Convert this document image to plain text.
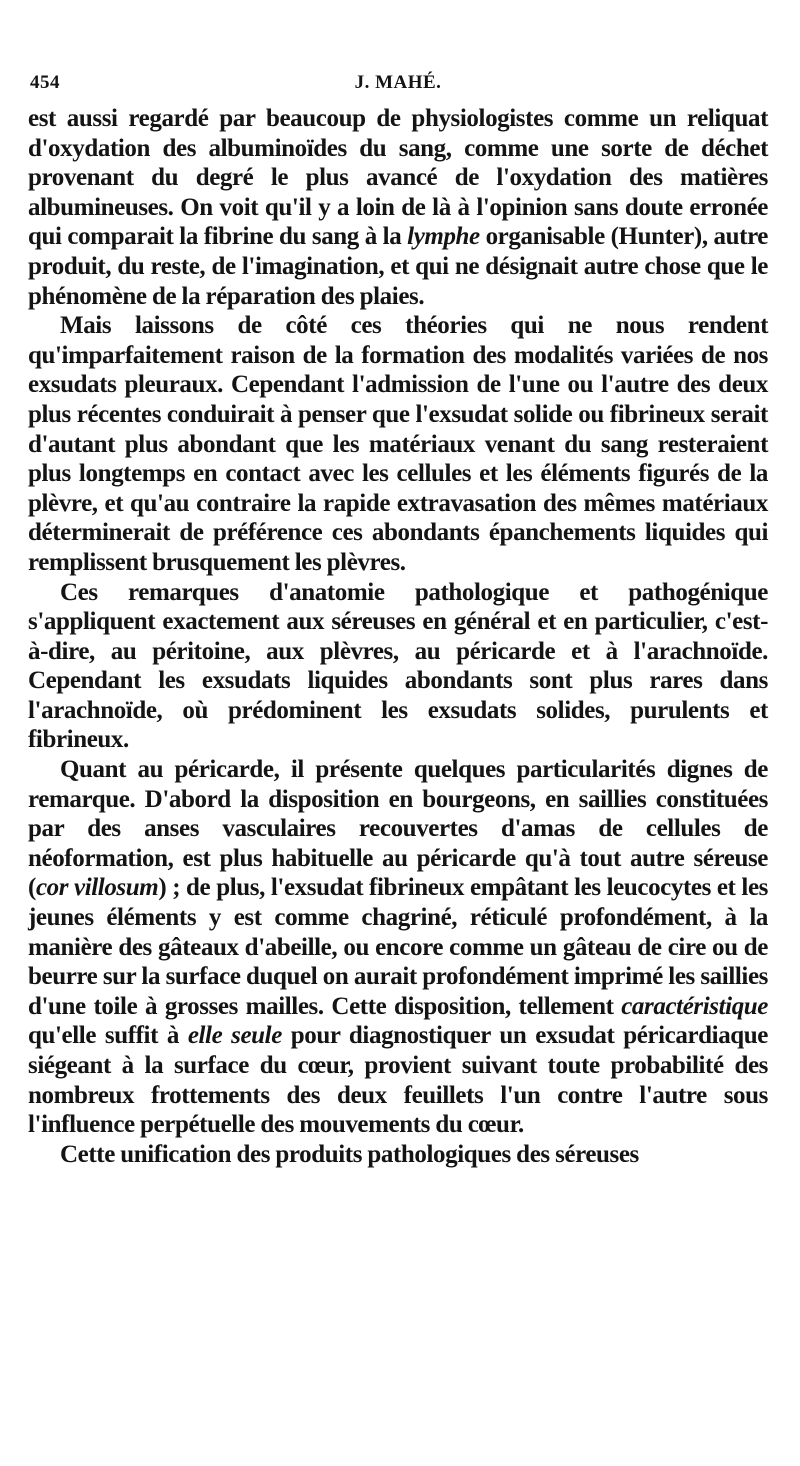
454	J. MAHÉ.

est aussi regardé par beaucoup de physiologistes comme un reliquat d'oxydation des albuminoïdes du sang, comme une sorte de déchet provenant du degré le plus avancé de l'oxydation des matières albumineuses. On voit qu'il y a loin de là à l'opinion sans doute erronée qui comparait la fibrine du sang à la lymphe organisable (Hunter), autre produit, du reste, de l'imagination, et qui ne désignait autre chose que le phénomène de la réparation des plaies.

Mais laissons de côté ces théories qui ne nous rendent qu'imparfaitement raison de la formation des modalités variées de nos exsudats pleuraux. Cependant l'admission de l'une ou l'autre des deux plus récentes conduirait à penser que l'exsudat solide ou fibrineux serait d'autant plus abondant que les matériaux venant du sang resteraient plus longtemps en contact avec les cellules et les éléments figurés de la plèvre, et qu'au contraire la rapide extravasation des mêmes matériaux déterminerait de préférence ces abondants épanchements liquides qui remplissent brusquement les plèvres.

Ces remarques d'anatomie pathologique et pathogénique s'appliquent exactement aux séreuses en général et en particulier, c'est-à-dire, au péritoine, aux plèvres, au péricarde et à l'arachnoïde. Cependant les exsudats liquides abondants sont plus rares dans l'arachnoïde, où prédominent les exsudats solides, purulents et fibrineux.

Quant au péricarde, il présente quelques particularités dignes de remarque. D'abord la disposition en bourgeons, en saillies constituées par des anses vasculaires recouvertes d'amas de cellules de néoformation, est plus habituelle au péricarde qu'à tout autre séreuse (cor villosum) ; de plus, l'exsudat fibrineux empâtant les leucocytes et les jeunes éléments y est comme chagriné, réticulé profondément, à la manière des gâteaux d'abeille, ou encore comme un gâteau de cire ou de beurre sur la surface duquel on aurait profondément imprimé les saillies d'une toile à grosses mailles. Cette disposition, tellement caractéristique qu'elle suffit à elle seule pour diagnostiquer un exsudat péricardiaque siégeant à la surface du cœur, provient suivant toute probabilité des nombreux frottements des deux feuillets l'un contre l'autre sous l'influence perpétuelle des mouvements du cœur.

Cette unification des produits pathologiques des séreuses
